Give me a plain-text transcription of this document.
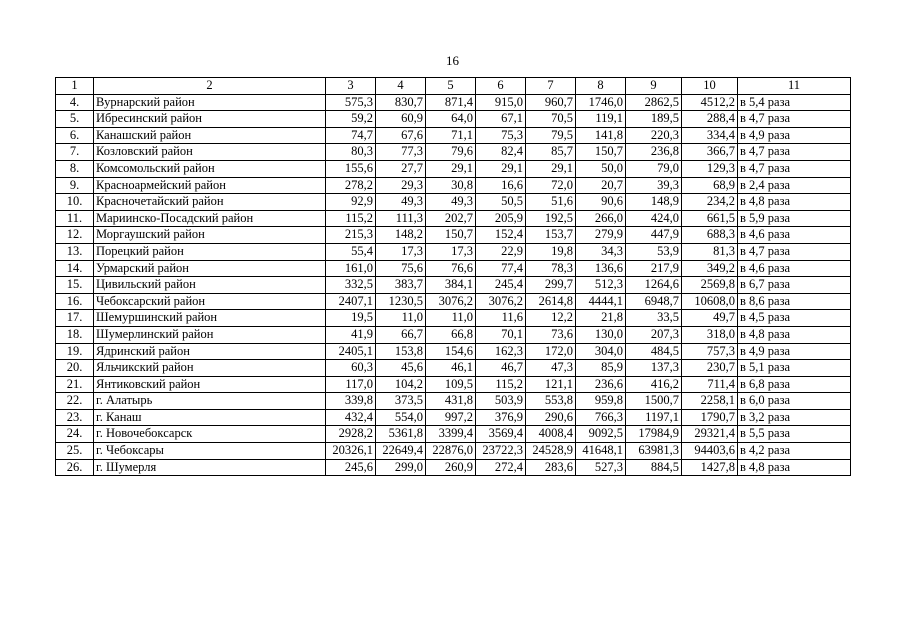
16
1	2	3	4	5	6	7	8	9	10	11
4.	Вурнарский район	575,3	830,7	871,4	915,0	960,7	1746,0	2862,5	4512,2	в 5,4 раза
5.	Ибресинский район	59,2	60,9	64,0	67,1	70,5	119,1	189,5	288,4	в 4,7 раза
6.	Канашский район	74,7	67,6	71,1	75,3	79,5	141,8	220,3	334,4	в 4,9 раза
7.	Козловский район	80,3	77,3	79,6	82,4	85,7	150,7	236,8	366,7	в 4,7 раза
8.	Комсомольский район	155,6	27,7	29,1	29,1	29,1	50,0	79,0	129,3	в 4,7 раза
9.	Красноармейский район	278,2	29,3	30,8	16,6	72,0	20,7	39,3	68,9	в 2,4 раза
10.	Красночетайский район	92,9	49,3	49,3	50,5	51,6	90,6	148,9	234,2	в 4,8 раза
11.	Мариинско-Посадский район	115,2	111,3	202,7	205,9	192,5	266,0	424,0	661,5	в 5,9 раза
12.	Моргаушский район	215,3	148,2	150,7	152,4	153,7	279,9	447,9	688,3	в 4,6 раза
13.	Порецкий район	55,4	17,3	17,3	22,9	19,8	34,3	53,9	81,3	в 4,7 раза
14.	Урмарский район	161,0	75,6	76,6	77,4	78,3	136,6	217,9	349,2	в 4,6 раза
15.	Цивильский район	332,5	383,7	384,1	245,4	299,7	512,3	1264,6	2569,8	в 6,7 раза
16.	Чебоксарский район	2407,1	1230,5	3076,2	3076,2	2614,8	4444,1	6948,7	10608,0	в 8,6 раза
17.	Шемуршинский район	19,5	11,0	11,0	11,6	12,2	21,8	33,5	49,7	в 4,5 раза
18.	Шумерлинский район	41,9	66,7	66,8	70,1	73,6	130,0	207,3	318,0	в 4,8 раза
19.	Ядринский район	2405,1	153,8	154,6	162,3	172,0	304,0	484,5	757,3	в 4,9 раза
20.	Яльчикский район	60,3	45,6	46,1	46,7	47,3	85,9	137,3	230,7	в 5,1 раза
21.	Янтиковский район	117,0	104,2	109,5	115,2	121,1	236,6	416,2	711,4	в 6,8 раза
22.	г. Алатырь	339,8	373,5	431,8	503,9	553,8	959,8	1500,7	2258,1	в 6,0 раза
23.	г. Канаш	432,4	554,0	997,2	376,9	290,6	766,3	1197,1	1790,7	в 3,2 раза
24.	г. Новочебоксарск	2928,2	5361,8	3399,4	3569,4	4008,4	9092,5	17984,9	29321,4	в 5,5 раза
25.	г. Чебоксары	20326,1	22649,4	22876,0	23722,3	24528,9	41648,1	63981,3	94403,6	в 4,2 раза
26.	г. Шумерля	245,6	299,0	260,9	272,4	283,6	527,3	884,5	1427,8	в 4,8 раза
